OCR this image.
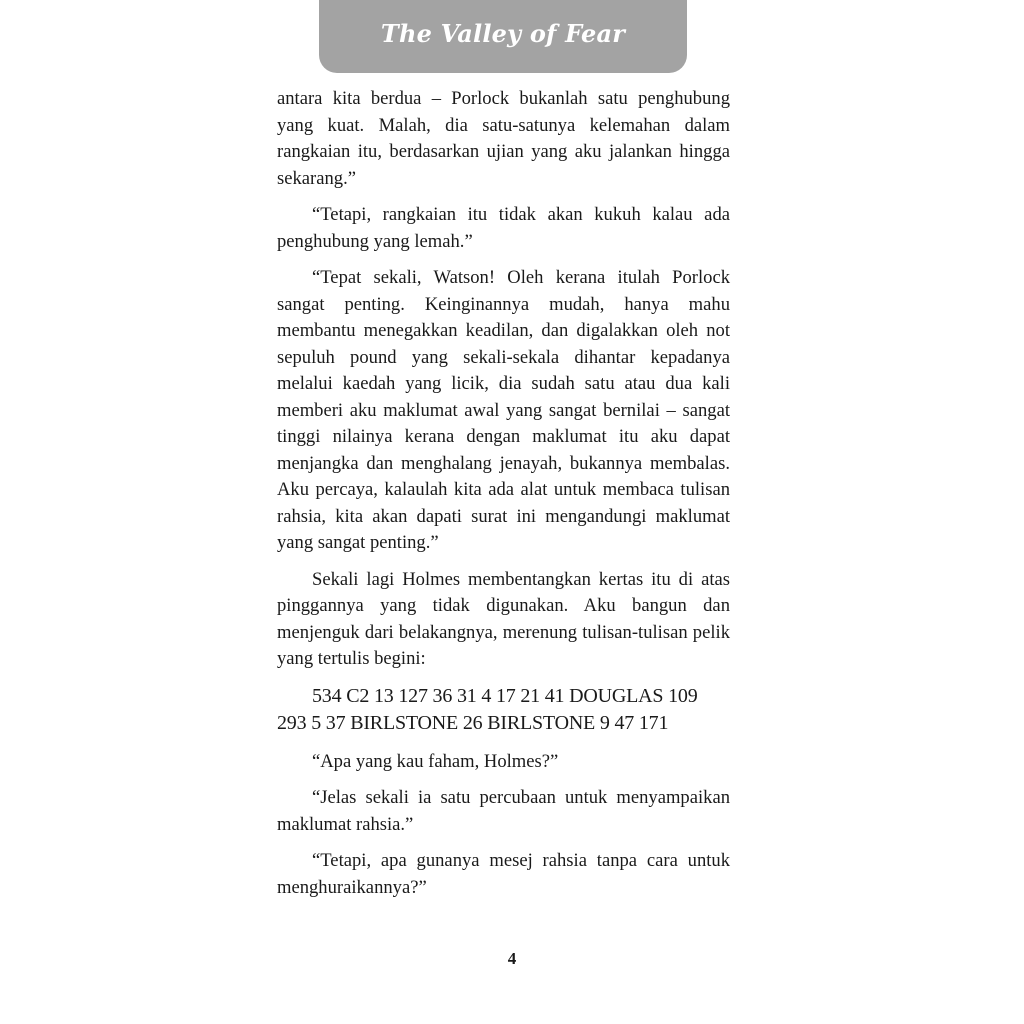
The Valley of Fear

antara kita berdua – Porlock bukanlah satu penghubung yang kuat. Malah, dia satu-satunya kelemahan dalam rangkaian itu, berdasarkan ujian yang aku jalankan hingga sekarang.”

“Tetapi, rangkaian itu tidak akan kukuh kalau ada penghubung yang lemah.”

“Tepat sekali, Watson! Oleh kerana itulah Porlock sangat penting. Keinginannya mudah, hanya mahu membantu menegakkan keadilan, dan digalakkan oleh not sepuluh pound yang sekali-sekala dihantar kepadanya melalui kaedah yang licik, dia sudah satu atau dua kali memberi aku maklumat awal yang sangat bernilai – sangat tinggi nilainya kerana dengan maklumat itu aku dapat menjangka dan menghalang jenayah, bukannya membalas. Aku percaya, kalaulah kita ada alat untuk membaca tulisan rahsia, kita akan dapati surat ini mengandungi maklumat yang sangat penting.”

Sekali lagi Holmes membentangkan kertas itu di atas pinggannya yang tidak digunakan. Aku bangun dan menjenguk dari belakangnya, merenung tulisan-tulisan pelik yang tertulis begini:

534 C2 13 127 36 31 4 17 21 41 DOUGLAS 109 293 5 37 BIRLSTONE 26 BIRLSTONE 9 47 171

“Apa yang kau faham, Holmes?”

“Jelas sekali ia satu percubaan untuk menyampaikan maklumat rahsia.”

“Tetapi, apa gunanya mesej rahsia tanpa cara untuk menghuraikannya?”

4
